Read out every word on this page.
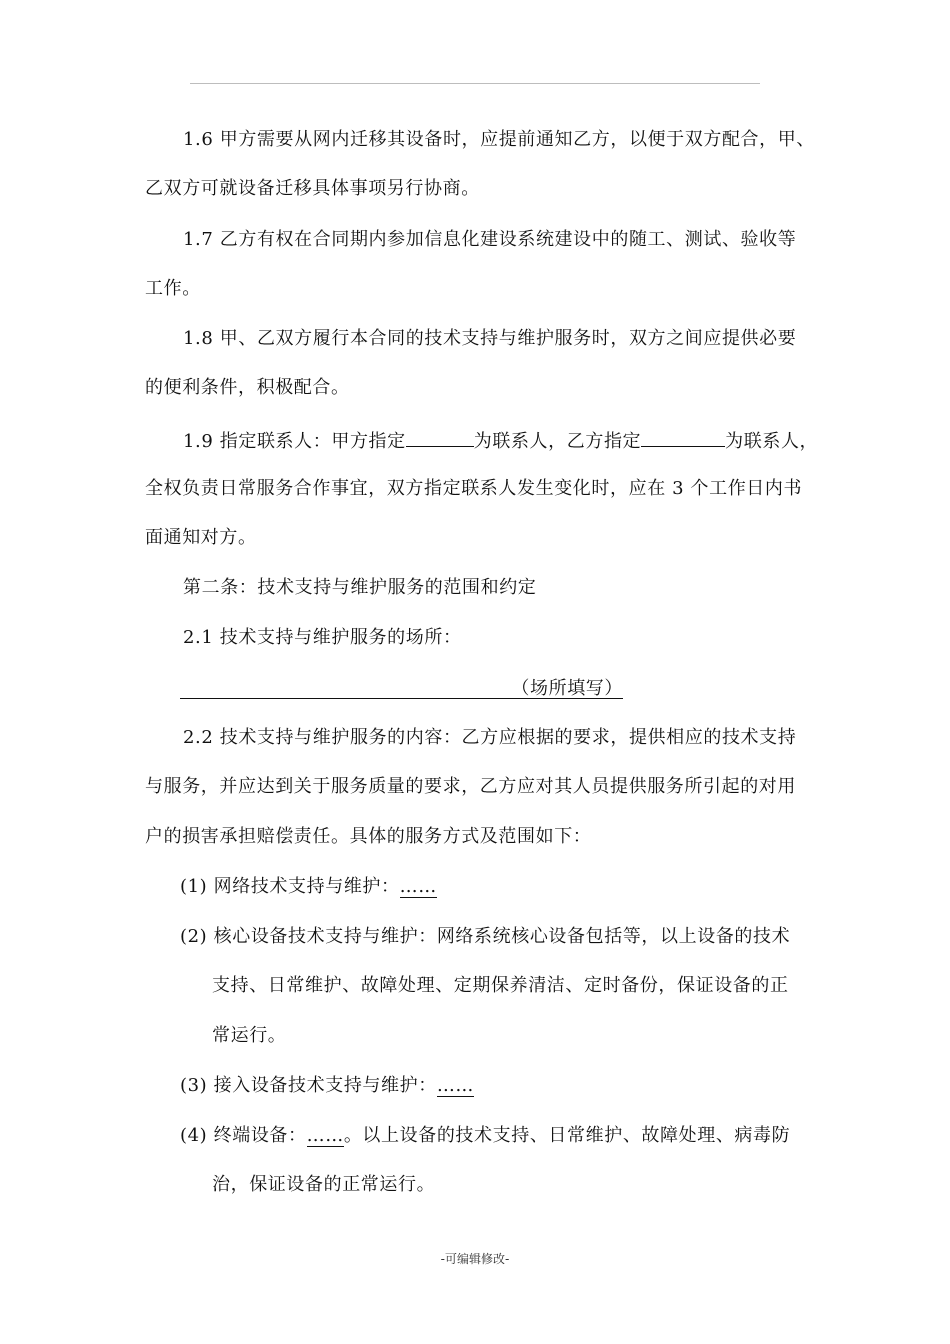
1.6 甲方需要从网内迁移其设备时，应提前通知乙方，以便于双方配合，甲、
乙双方可就设备迁移具体事项另行协商。
1.7 乙方有权在合同期内参加信息化建设系统建设中的随工、测试、验收等
工作。
1.8 甲、乙双方履行本合同的技术支持与维护服务时，双方之间应提供必要
的便利条件，积极配合。
1.9 指定联系人：甲方指定	为联系人，乙方指定	为联系人，
全权负责日常服务合作事宜，双方指定联系人发生变化时，应在 3 个工作日内书
面通知对方。
第二条：技术支持与维护服务的范围和约定
2.1 技术支持与维护服务的场所：
（场所填写）
2.2 技术支持与维护服务的内容：乙方应根据的要求，提供相应的技术支持
与服务，并应达到关于服务质量的要求，乙方应对其人员提供服务所引起的对用
户的损害承担赔偿责任。具体的服务方式及范围如下：
(1) 网络技术支持与维护：……
(2) 核心设备技术支持与维护：网络系统核心设备包括等，以上设备的技术
支持、日常维护、故障处理、定期保养清洁、定时备份，保证设备的正
常运行。
(3) 接入设备技术支持与维护：……
(4) 终端设备：……。以上设备的技术支持、日常维护、故障处理、病毒防
治，保证设备的正常运行。
-可编辑修改-
